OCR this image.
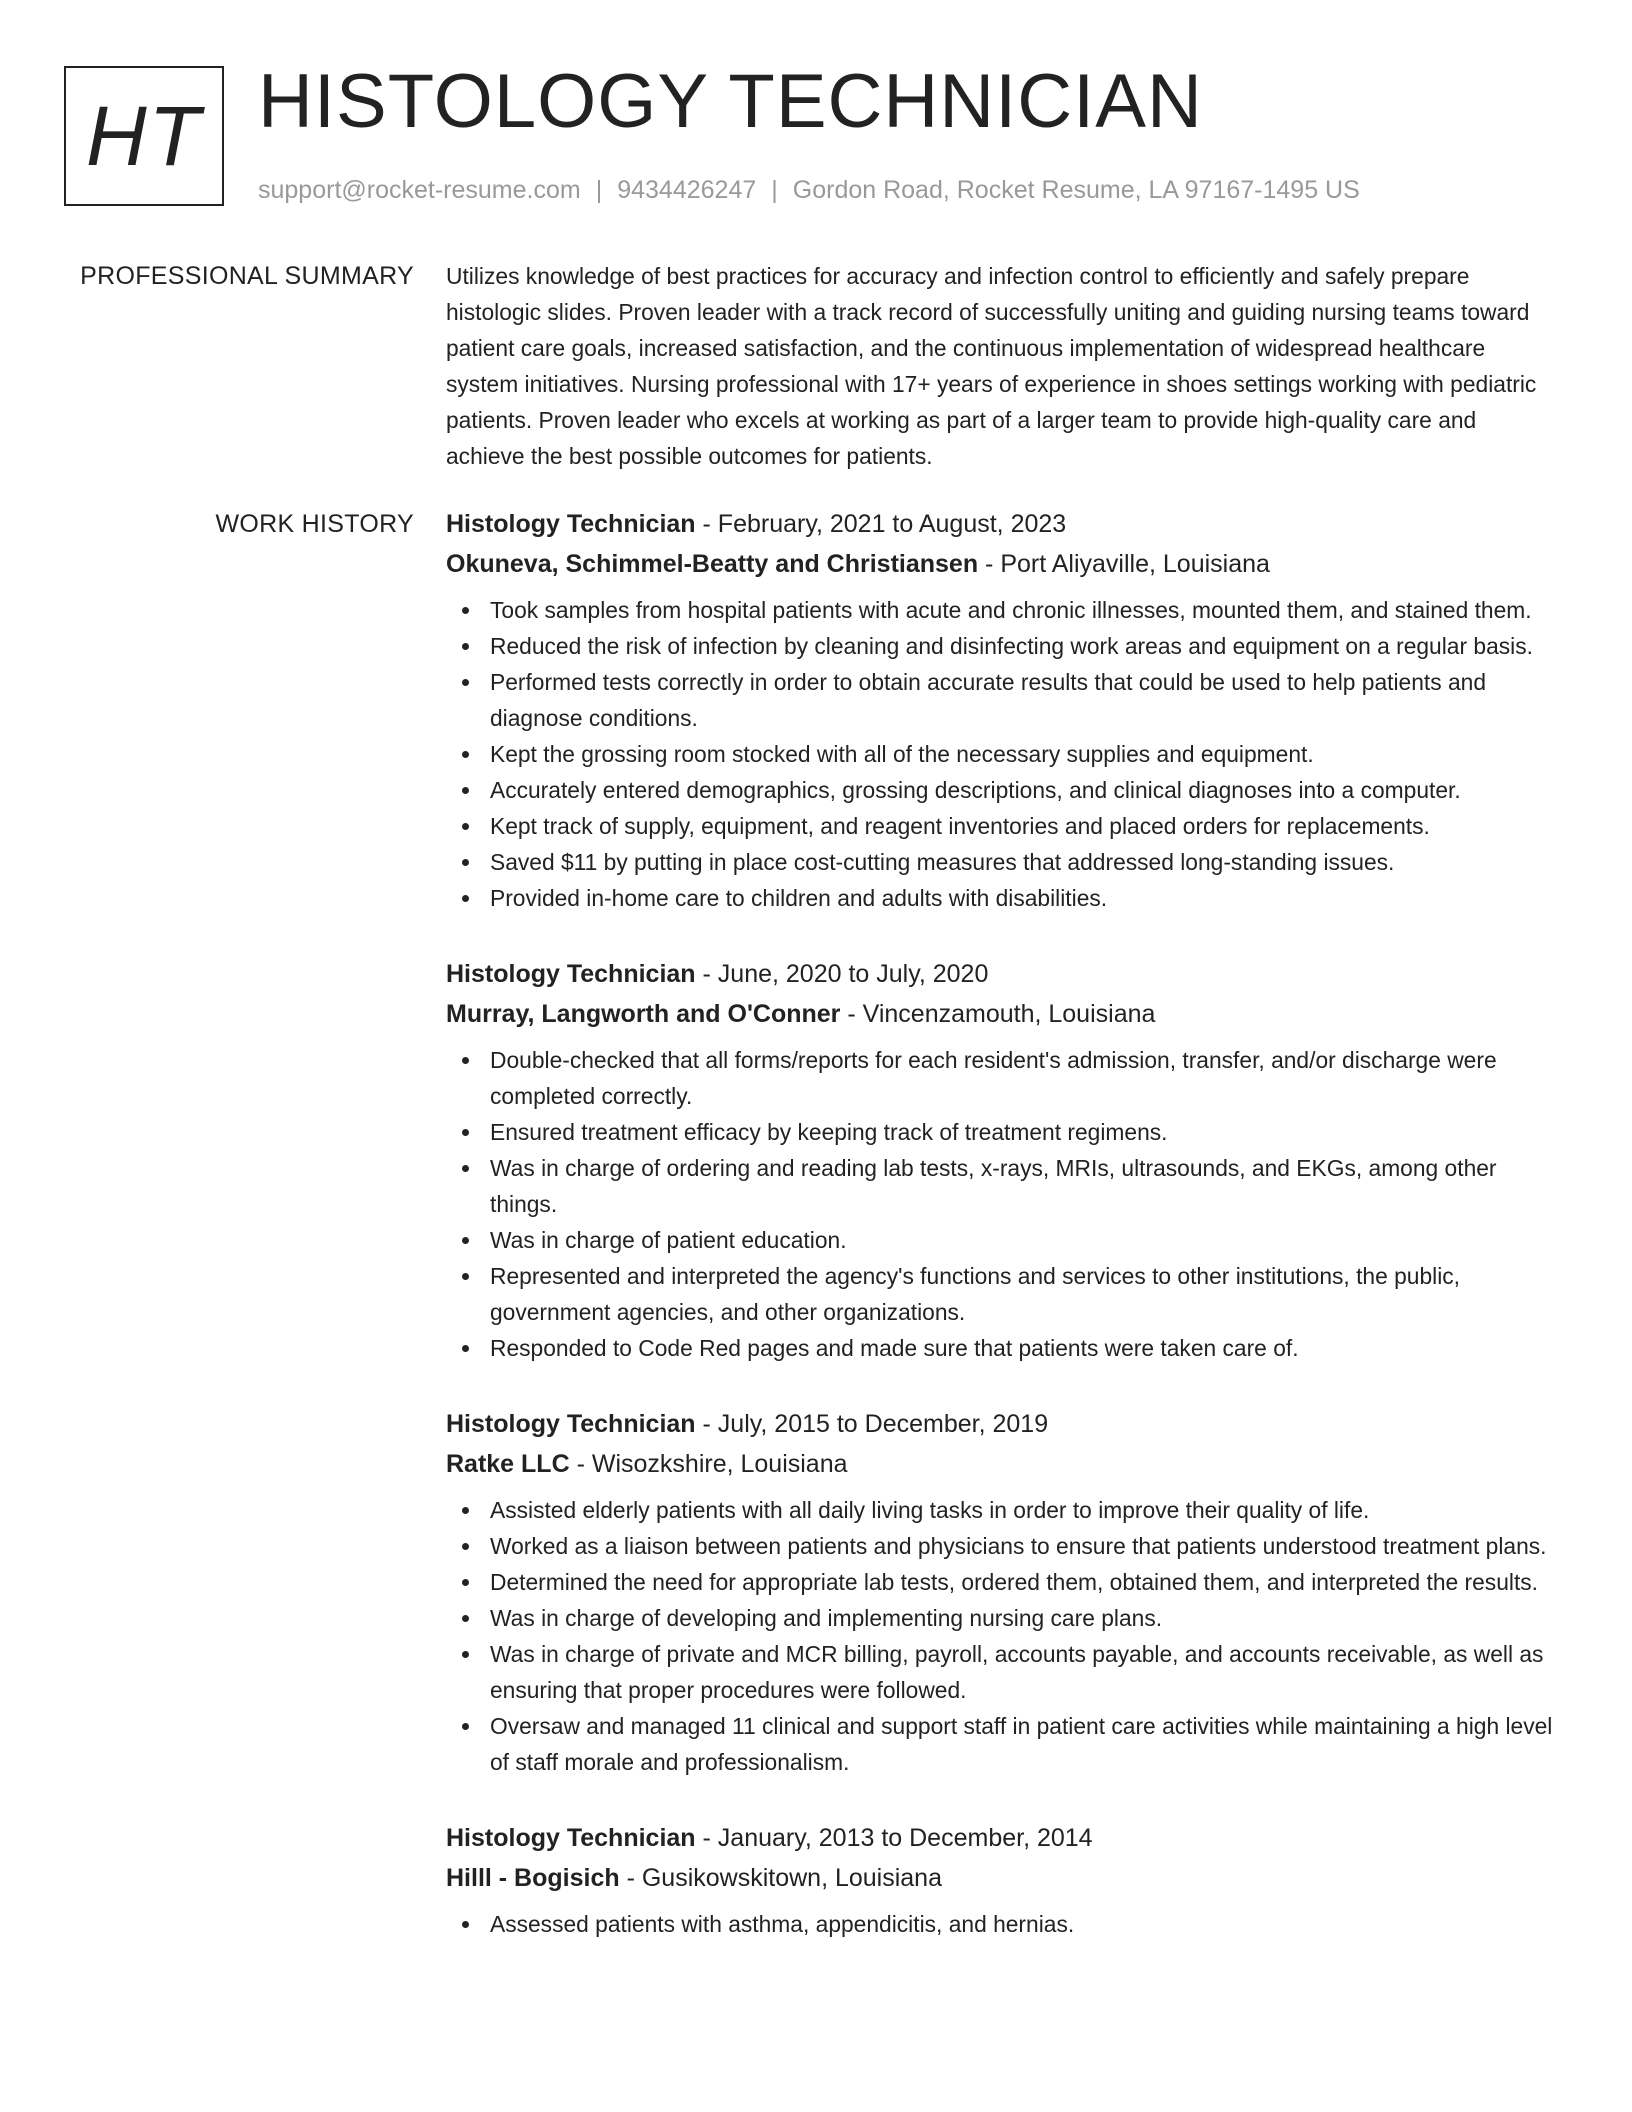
HT HISTOLOGY TECHNICIAN
support@rocket-resume.com | 9434426247 | Gordon Road, Rocket Resume, LA 97167-1495 US
PROFESSIONAL SUMMARY Utilizes knowledge of best practices for accuracy and infection control to efficiently and safely prepare histologic slides. Proven leader with a track record of successfully uniting and guiding nursing teams toward patient care goals, increased satisfaction, and the continuous implementation of widespread healthcare system initiatives. Nursing professional with 17+ years of experience in shoes settings working with pediatric patients. Proven leader who excels at working as part of a larger team to provide high-quality care and achieve the best possible outcomes for patients.

WORK HISTORY Histology Technician - February, 2021 to August, 2023
Okuneva, Schimmel-Beatty and Christiansen - Port Aliyaville, Louisiana
Took samples from hospital patients with acute and chronic illnesses, mounted them, and stained them.
Reduced the risk of infection by cleaning and disinfecting work areas and equipment on a regular basis.
Performed tests correctly in order to obtain accurate results that could be used to help patients and diagnose conditions.
Kept the grossing room stocked with all of the necessary supplies and equipment.
Accurately entered demographics, grossing descriptions, and clinical diagnoses into a computer.
Kept track of supply, equipment, and reagent inventories and placed orders for replacements.
Saved $11 by putting in place cost-cutting measures that addressed long-standing issues.
Provided in-home care to children and adults with disabilities.
Histology Technician - June, 2020 to July, 2020
Murray, Langworth and O'Conner - Vincenzamouth, Louisiana
Double-checked that all forms/reports for each resident's admission, transfer, and/or discharge were completed correctly.
Ensured treatment efficacy by keeping track of treatment regimens.
Was in charge of ordering and reading lab tests, x-rays, MRIs, ultrasounds, and EKGs, among other things.
Was in charge of patient education.
Represented and interpreted the agency's functions and services to other institutions, the public, government agencies, and other organizations.
Responded to Code Red pages and made sure that patients were taken care of.
Histology Technician - July, 2015 to December, 2019
Ratke LLC - Wisozkshire, Louisiana
Assisted elderly patients with all daily living tasks in order to improve their quality of life.
Worked as a liaison between patients and physicians to ensure that patients understood treatment plans.
Determined the need for appropriate lab tests, ordered them, obtained them, and interpreted the results.
Was in charge of developing and implementing nursing care plans.
Was in charge of private and MCR billing, payroll, accounts payable, and accounts receivable, as well as ensuring that proper procedures were followed.
Oversaw and managed 11 clinical and support staff in patient care activities while maintaining a high level of staff morale and professionalism.
Histology Technician - January, 2013 to December, 2014
Hilll - Bogisich - Gusikowskitown, Louisiana
Assessed patients with asthma, appendicitis, and hernias.
